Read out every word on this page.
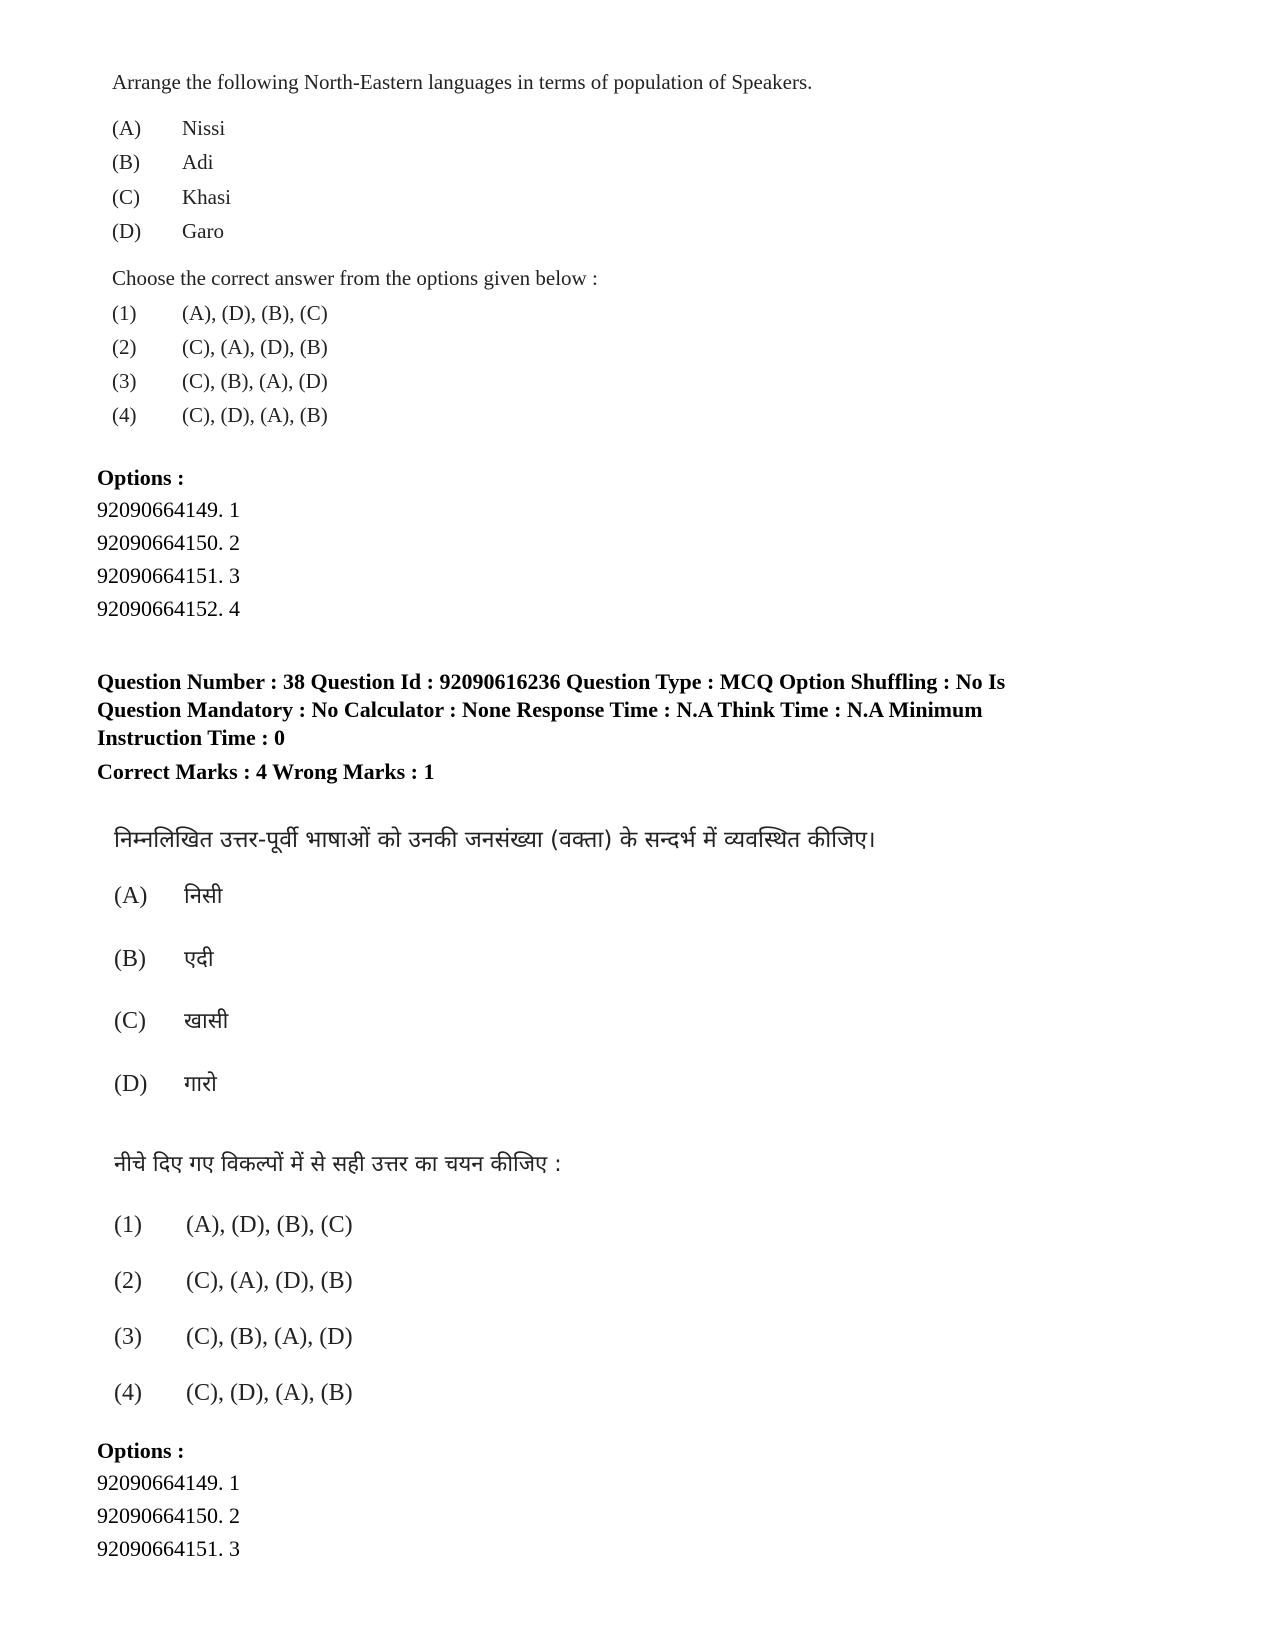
Arrange the following North-Eastern languages in terms of population of Speakers.
(A) Nissi
(B) Adi
(C) Khasi
(D) Garo
Choose the correct answer from the options given below :
(1) (A), (D), (B), (C)
(2) (C), (A), (D), (B)
(3) (C), (B), (A), (D)
(4) (C), (D), (A), (B)
Options :
92090664149. 1
92090664150. 2
92090664151. 3
92090664152. 4
Question Number : 38 Question Id : 92090616236 Question Type : MCQ Option Shuffling : No Is
Question Mandatory : No Calculator : None Response Time : N.A Think Time : N.A Minimum
Instruction Time : 0
Correct Marks : 4 Wrong Marks : 1
निम्नलिखित उत्तर-पूर्वी भाषाओं को उनकी जनसंख्या (वक्ता) के सन्दर्भ में व्यवस्थित कीजिए।
(A) निसी
(B) एदी
(C) खासी
(D) गारो
नीचे दिए गए विकल्पों में से सही उत्तर का चयन कीजिए :
(1) (A), (D), (B), (C)
(2) (C), (A), (D), (B)
(3) (C), (B), (A), (D)
(4) (C), (D), (A), (B)
Options :
92090664149. 1
92090664150. 2
92090664151. 3
